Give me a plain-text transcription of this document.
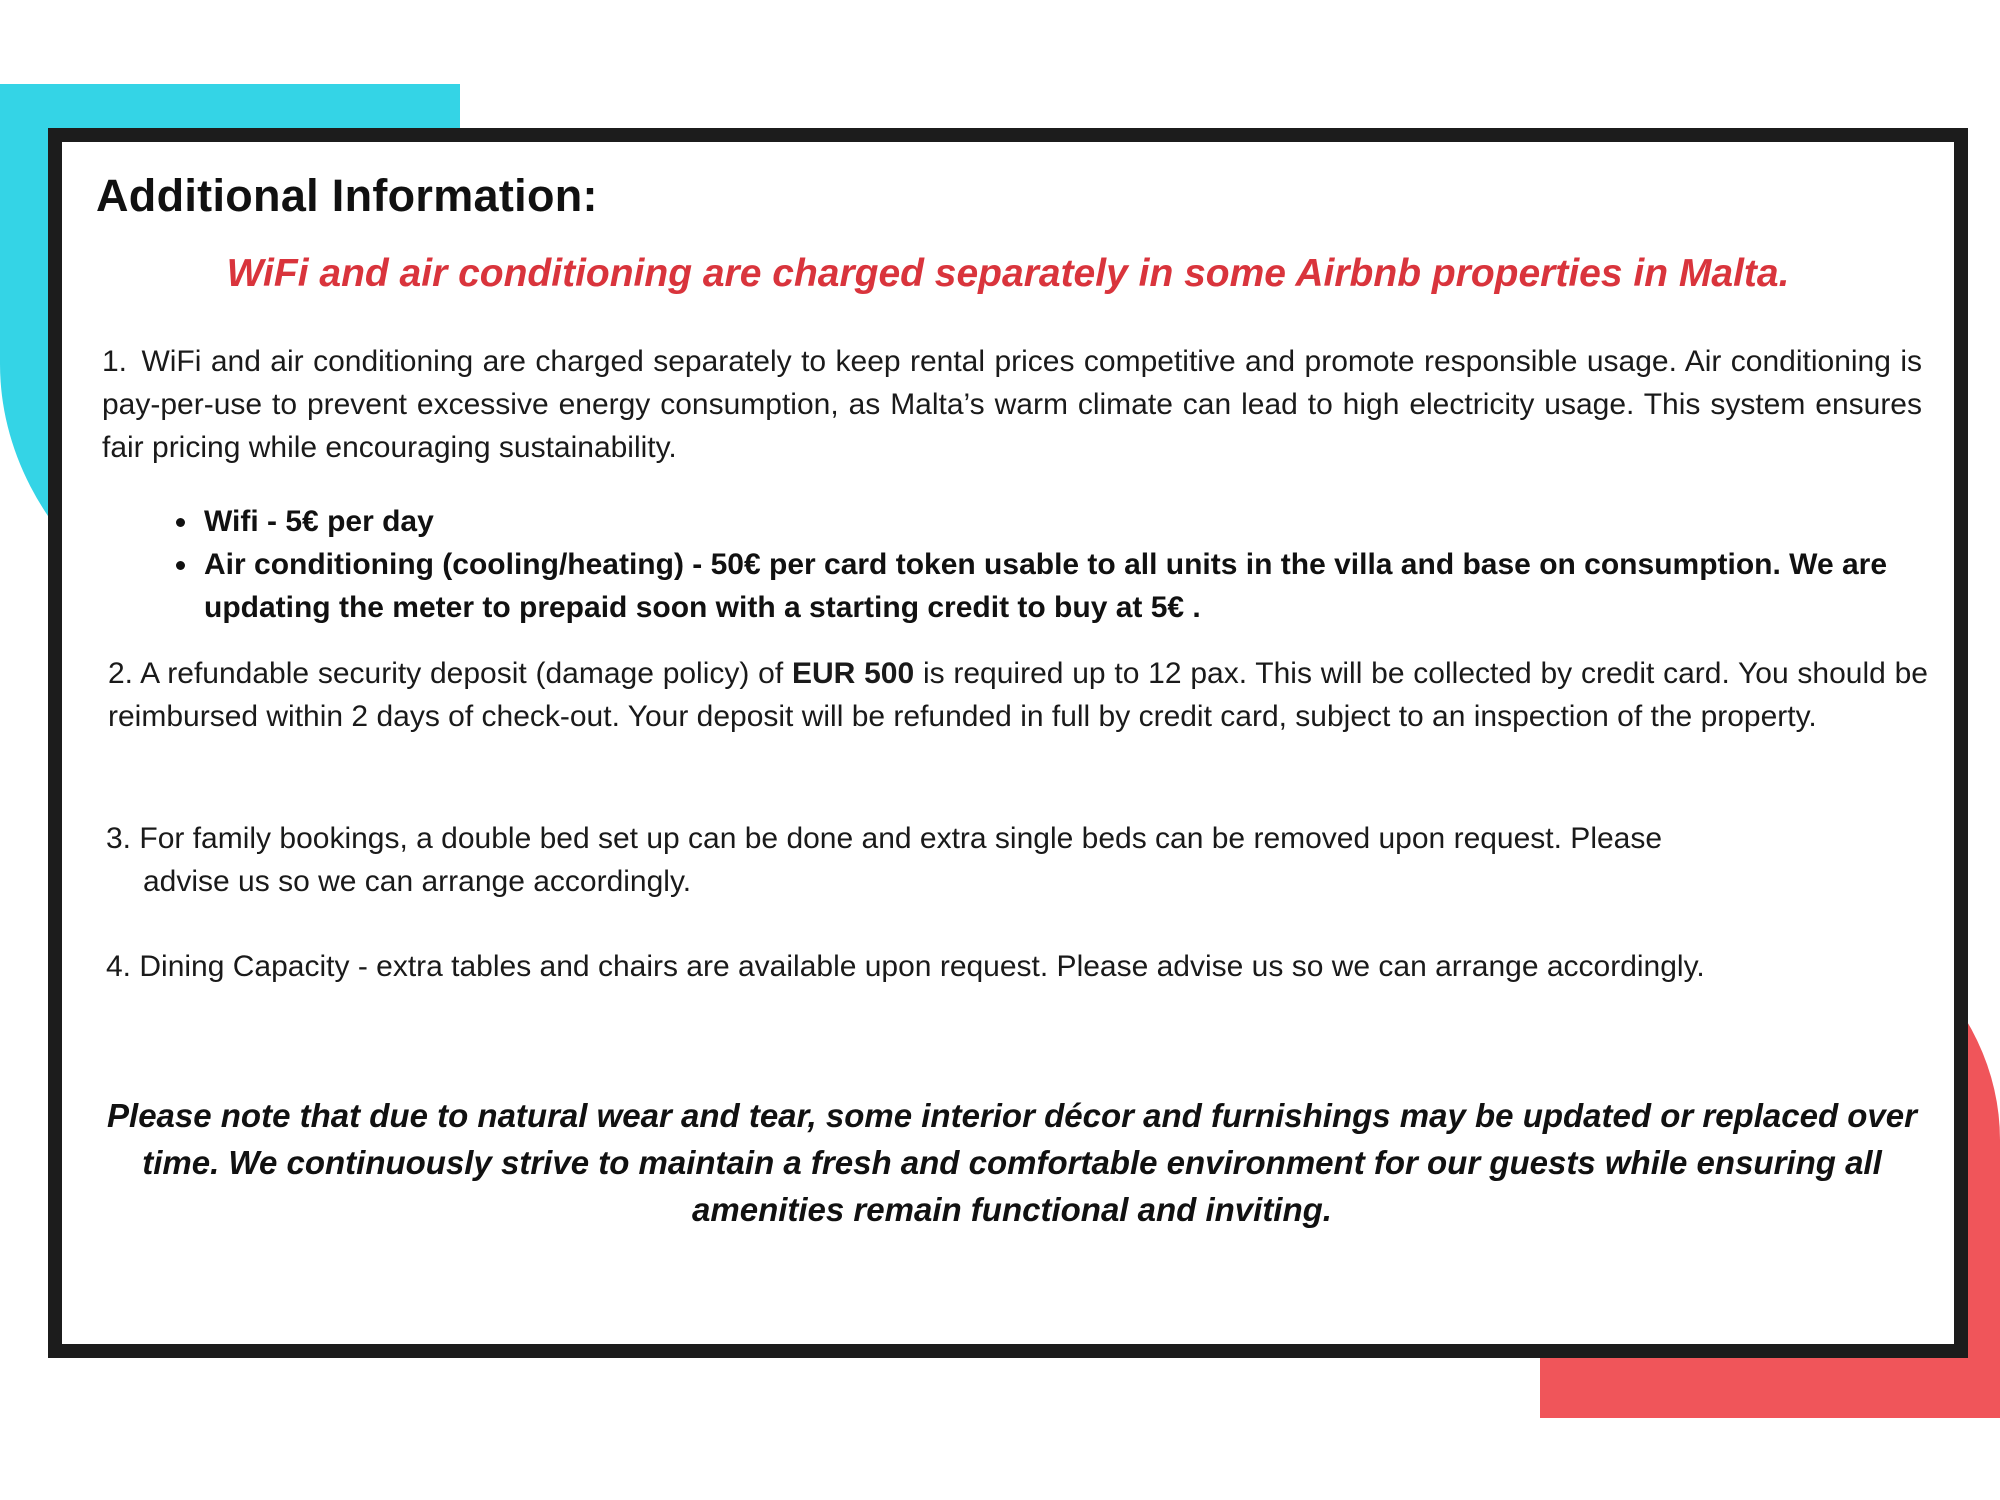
Additional Information:

WiFi and air conditioning are charged separately in some Airbnb properties in Malta.

1. WiFi and air conditioning are charged separately to keep rental prices competitive and promote responsible usage. Air conditioning is pay-per-use to prevent excessive energy consumption, as Malta’s warm climate can lead to high electricity usage. This system ensures fair pricing while encouraging sustainability.
• Wifi - 5€ per day
• Air conditioning (cooling/heating) - 50€ per card token usable to all units in the villa and base on consumption. We are updating the meter to prepaid soon with a starting credit to buy at 5€ .
2. A refundable security deposit (damage policy) of EUR 500 is required up to 12 pax. This will be collected by credit card. You should be reimbursed within 2 days of check-out. Your deposit will be refunded in full by credit card, subject to an inspection of the property.
3. For family bookings, a double bed set up can be done and extra single beds can be removed upon request. Please
advise us so we can arrange accordingly.
4. Dining Capacity - extra tables and chairs are available upon request. Please advise us so we can arrange accordingly.

Please note that due to natural wear and tear, some interior décor and furnishings may be updated or replaced over time. We continuously strive to maintain a fresh and comfortable environment for our guests while ensuring all amenities remain functional and inviting.
